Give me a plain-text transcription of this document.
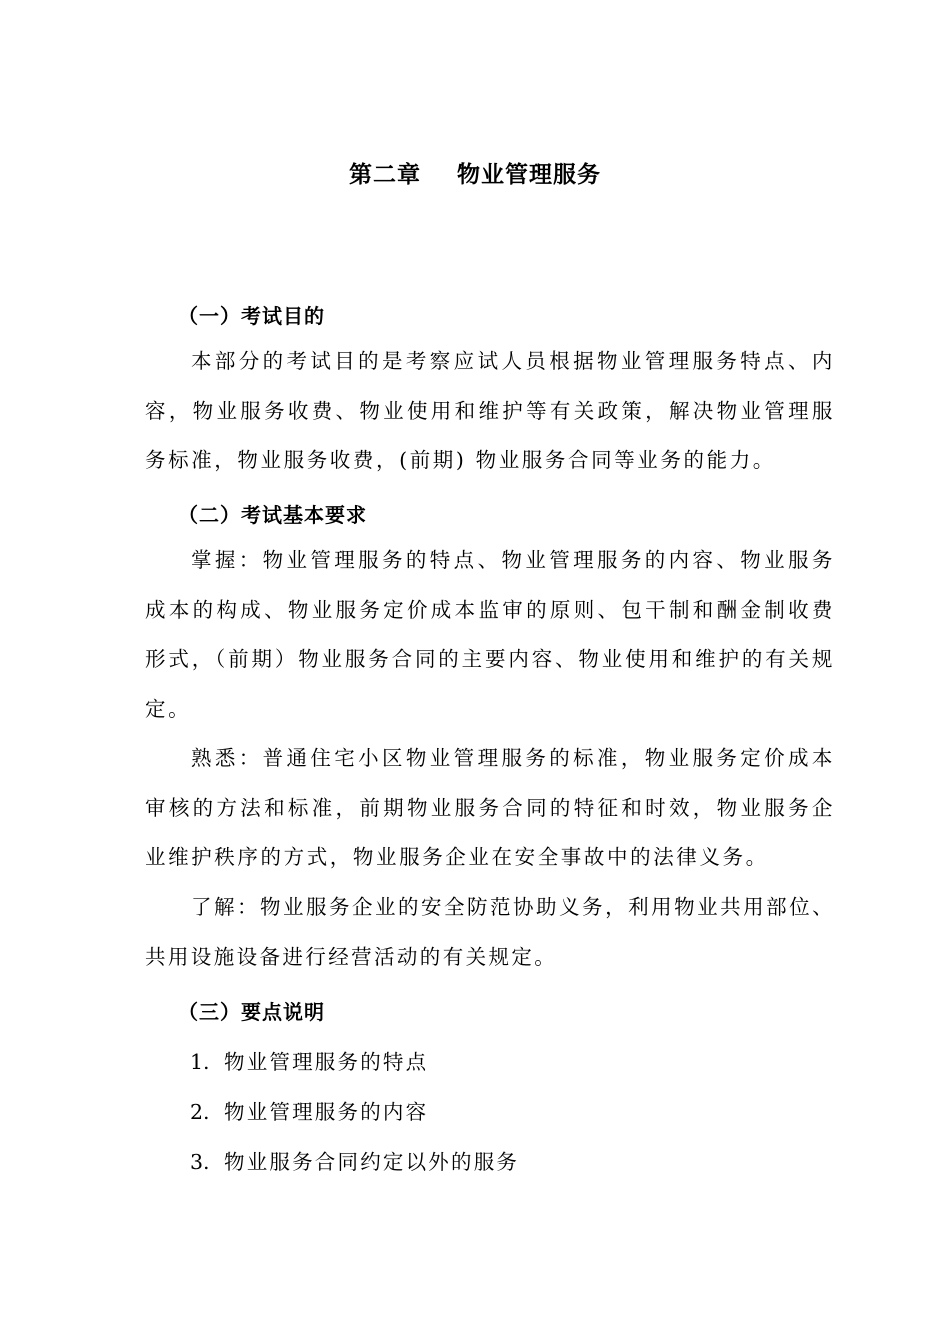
第二章    物业管理服务
（一）考试目的

本部分的考试目的是考察应试人员根据物业管理服务特点、内容，物业服务收费、物业使用和维护等有关政策，解决物业管理服务标准，物业服务收费，(前期) 物业服务合同等业务的能力。

（二）考试基本要求

掌握：物业管理服务的特点、物业管理服务的内容、物业服务成本的构成、物业服务定价成本监审的原则、包干制和酬金制收费形式，（前期）物业服务合同的主要内容、物业使用和维护的有关规定。

熟悉：普通住宅小区物业管理服务的标准，物业服务定价成本审核的方法和标准，前期物业服务合同的特征和时效，物业服务企业维护秩序的方式，物业服务企业在安全事故中的法律义务。

了解：物业服务企业的安全防范协助义务，利用物业共用部位、共用设施设备进行经营活动的有关规定。

（三）要点说明
1. 物业管理服务的特点
2. 物业管理服务的内容
3. 物业服务合同约定以外的服务
